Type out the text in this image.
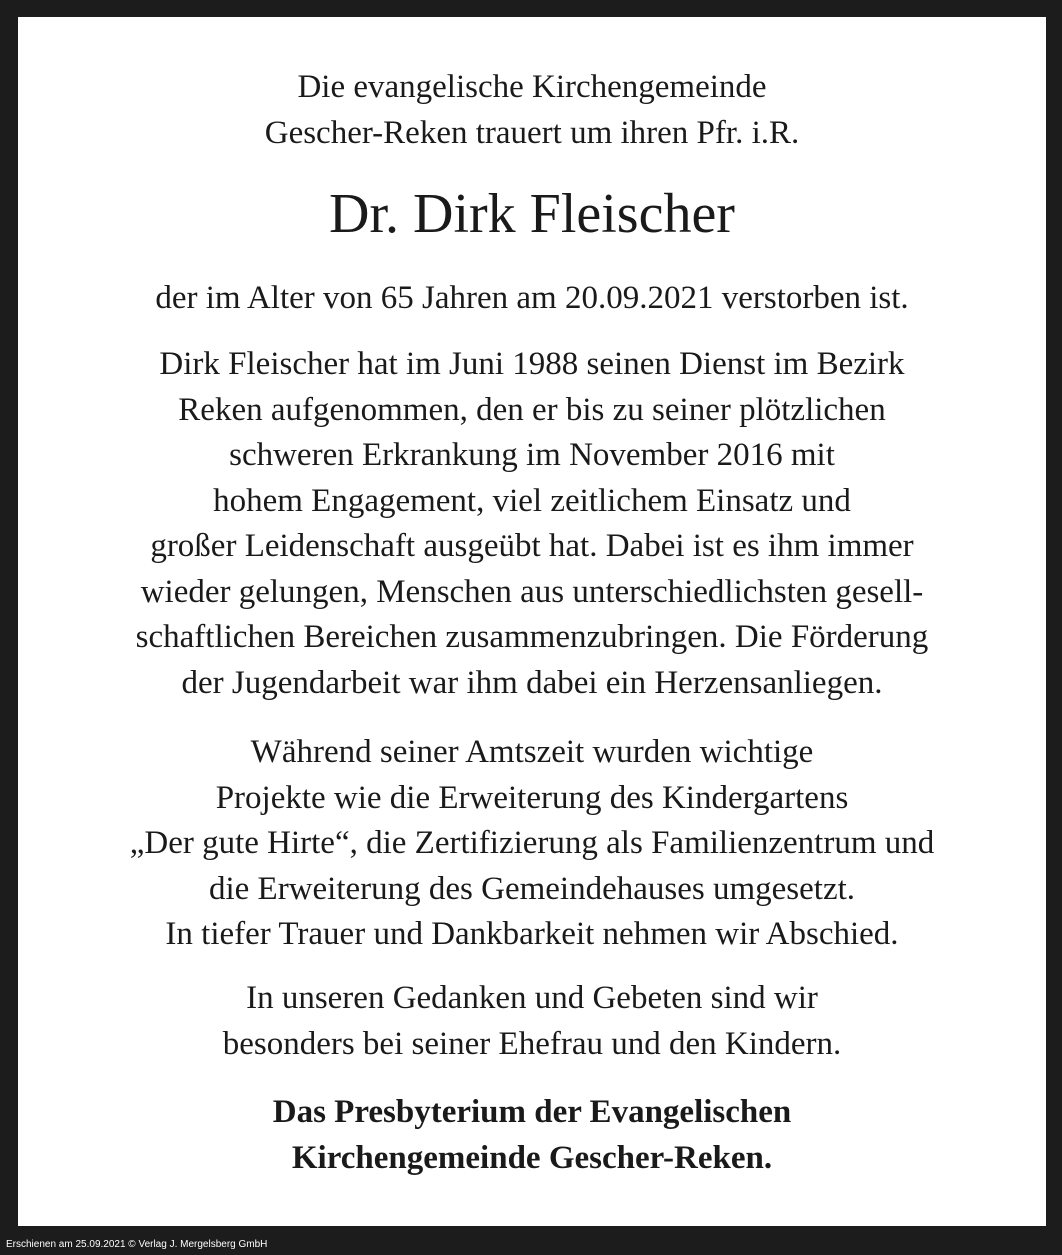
Die evangelische Kirchengemeinde
Gescher-Reken trauert um ihren Pfr. i.R.
Dr. Dirk Fleischer
der im Alter von 65 Jahren am 20.09.2021 verstorben ist.
Dirk Fleischer hat im Juni 1988 seinen Dienst im Bezirk
Reken aufgenommen, den er bis zu seiner plötzlichen
schweren Erkrankung im November 2016 mit
hohem Engagement, viel zeitlichem Einsatz und
großer Leidenschaft ausgeübt hat. Dabei ist es ihm immer
wieder gelungen, Menschen aus unterschiedlichsten gesell-
schaftlichen Bereichen zusammenzubringen. Die Förderung
der Jugendarbeit war ihm dabei ein Herzensanliegen.
Während seiner Amtszeit wurden wichtige
Projekte wie die Erweiterung des Kindergartens
„Der gute Hirte“, die Zertifizierung als Familienzentrum und
die Erweiterung des Gemeindehauses umgesetzt.
In tiefer Trauer und Dankbarkeit nehmen wir Abschied.
In unseren Gedanken und Gebeten sind wir
besonders bei seiner Ehefrau und den Kindern.
Das Presbyterium der Evangelischen
Kirchengemeinde Gescher-Reken.
Erschienen am 25.09.2021 © Verlag J. Mergelsberg GmbH
